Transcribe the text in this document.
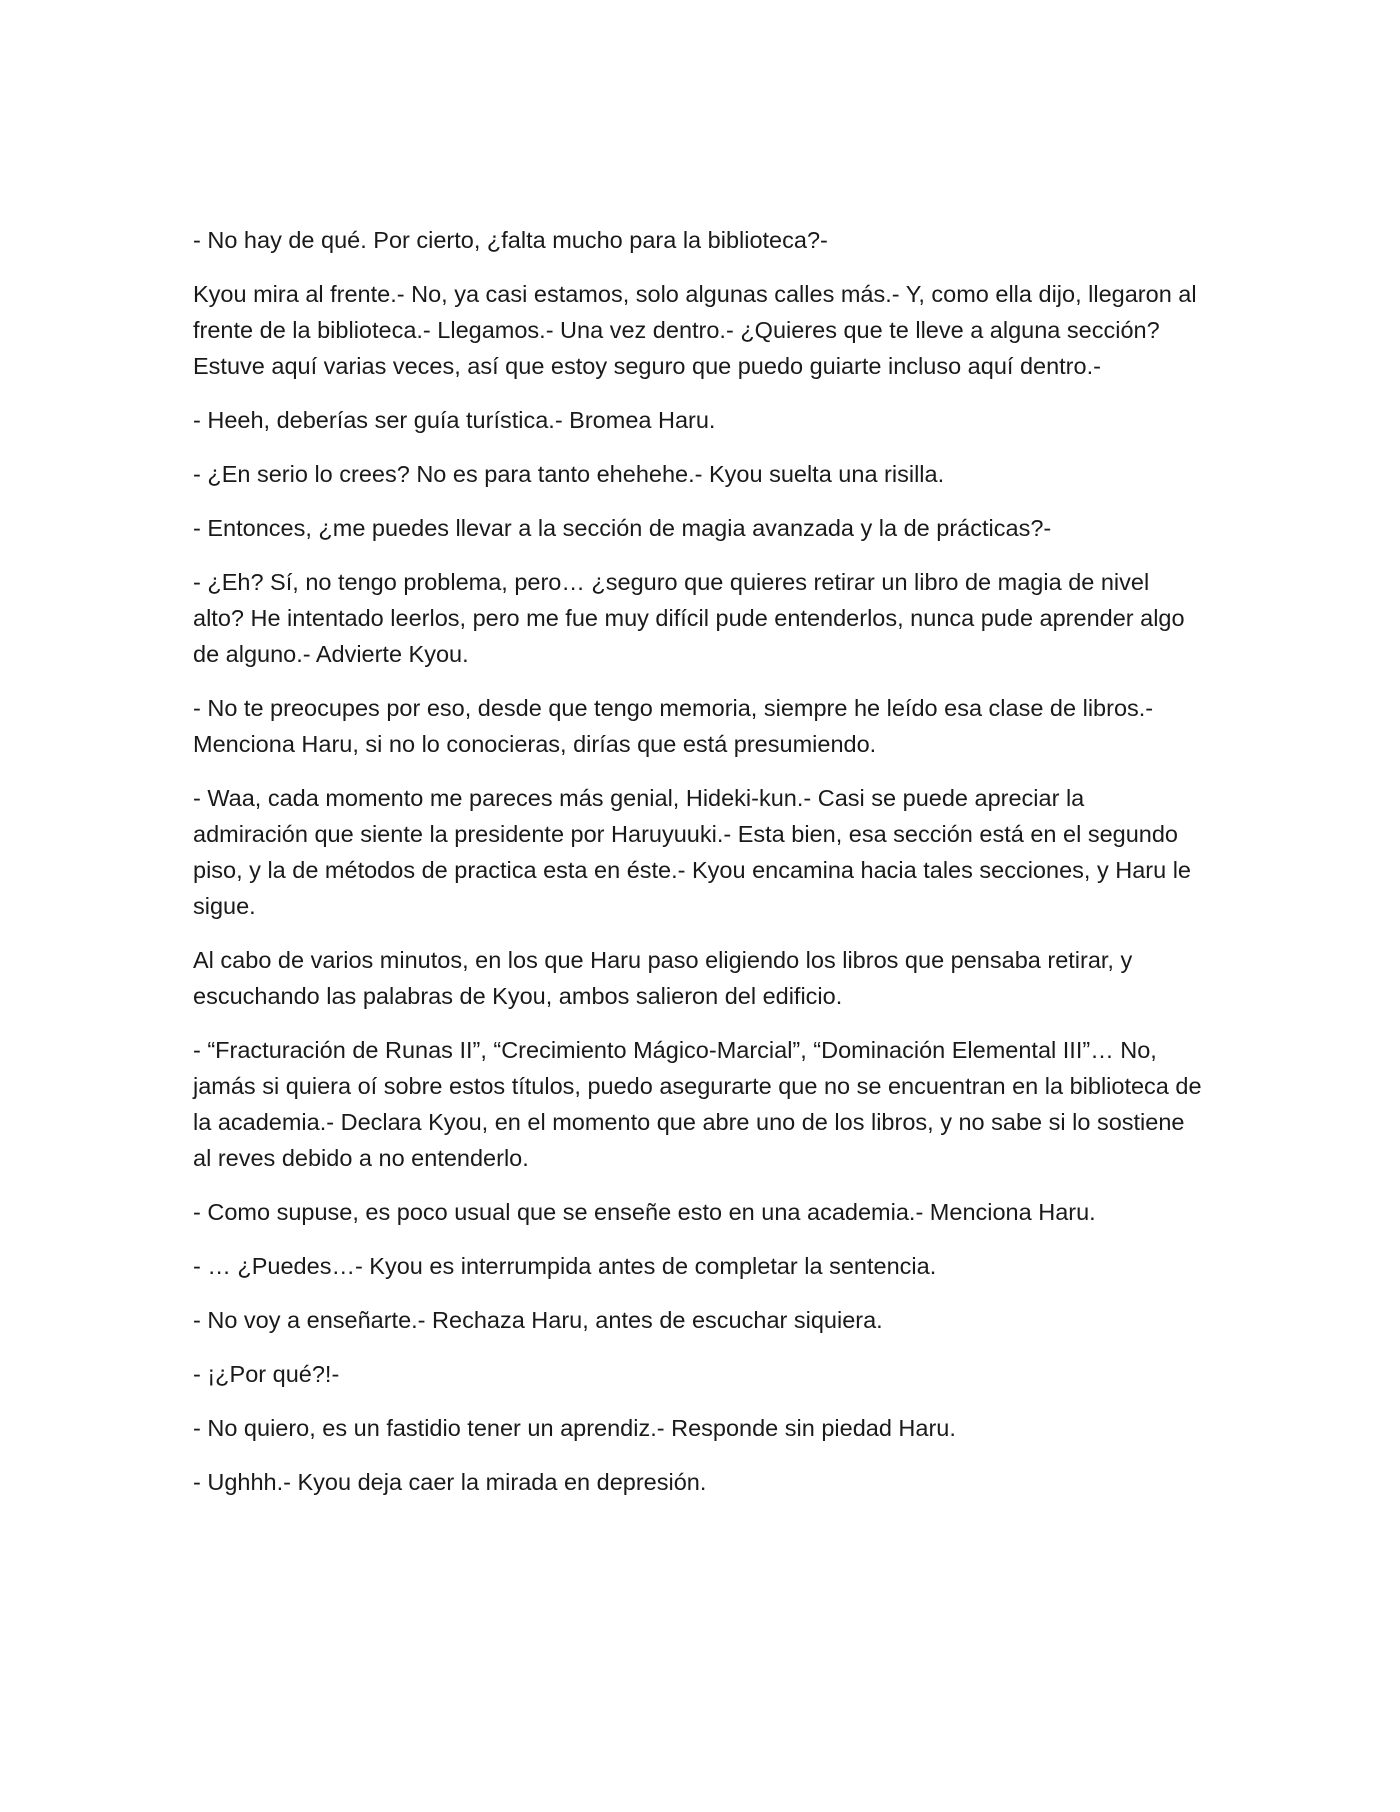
- No hay de qué. Por cierto, ¿falta mucho para la biblioteca?-

Kyou mira al frente.- No, ya casi estamos, solo algunas calles más.- Y, como ella dijo, llegaron al frente de la biblioteca.- Llegamos.- Una vez dentro.- ¿Quieres que te lleve a alguna sección? Estuve aquí varias veces, así que estoy seguro que puedo guiarte incluso aquí dentro.-

- Heeh, deberías ser guía turística.- Bromea Haru.

- ¿En serio lo crees? No es para tanto ehehehe.- Kyou suelta una risilla.

- Entonces, ¿me puedes llevar a la sección de magia avanzada y la de prácticas?-

- ¿Eh? Sí, no tengo problema, pero… ¿seguro que quieres retirar un libro de magia de nivel alto? He intentado leerlos, pero me fue muy difícil pude entenderlos, nunca pude aprender algo de alguno.- Advierte Kyou.

- No te preocupes por eso, desde que tengo memoria, siempre he leído esa clase de libros.- Menciona Haru, si no lo conocieras, dirías que está presumiendo.

- Waa, cada momento me pareces más genial, Hideki-kun.- Casi se puede apreciar la admiración que siente la presidente por Haruyuuki.- Esta bien, esa sección está en el segundo piso, y la de métodos de practica esta en éste.- Kyou encamina hacia tales secciones, y Haru le sigue.

Al cabo de varios minutos, en los que Haru paso eligiendo los libros que pensaba retirar, y escuchando las palabras de Kyou, ambos salieron del edificio.

- “Fracturación de Runas II”, “Crecimiento Mágico-Marcial”, “Dominación Elemental III”… No, jamás si quiera oí sobre estos títulos, puedo asegurarte que no se encuentran en la biblioteca de la academia.- Declara Kyou, en el momento que abre uno de los libros, y no sabe si lo sostiene al reves debido a no entenderlo.

- Como supuse, es poco usual que se enseñe esto en una academia.- Menciona Haru.

- … ¿Puedes…- Kyou es interrumpida antes de completar la sentencia.

- No voy a enseñarte.- Rechaza Haru, antes de escuchar siquiera.

- ¡¿Por qué?!-

- No quiero, es un fastidio tener un aprendiz.- Responde sin piedad Haru.

- Ughhh.- Kyou deja caer la mirada en depresión.
